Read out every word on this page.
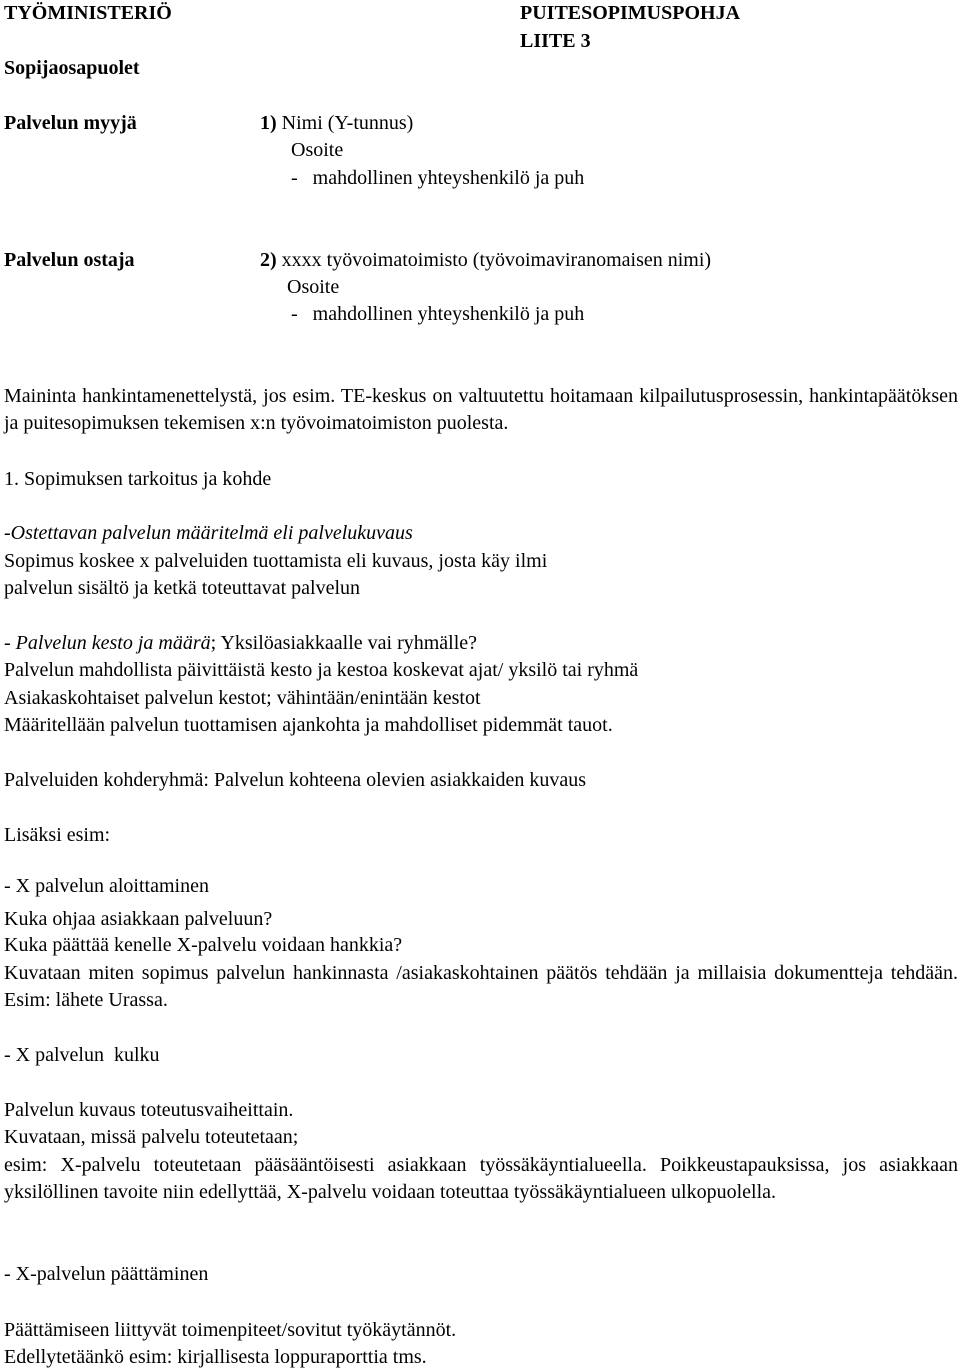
TYÖMINISTERIÖ	PUITESOPIMUSPOHJA
LIITE 3
Sopijaosapuolet
Palvelun myyjä	1) Nimi (Y-tunnus)
Osoite
-   mahdollinen yhteyshenkilö ja puh
Palvelun ostaja	2) xxxx työvoimatoimisto (työvoimaviranomaisen nimi)
Osoite
-   mahdollinen yhteyshenkilö ja puh
Maininta hankintamenettelystä, jos esim. TE-keskus on valtuutettu hoitamaan kilpailutusprosessin, hankintapäätöksen ja puitesopimuksen tekemisen x:n työvoimatoimiston puolesta.
1. Sopimuksen tarkoitus ja kohde
-Ostettavan palvelun määritelmä eli palvelukuvaus
Sopimus koskee x palveluiden tuottamista eli kuvaus, josta käy ilmi
palvelun sisältö ja ketkä toteuttavat palvelun
- Palvelun kesto ja määrä; Yksilöasiakkaalle vai ryhmälle?
Palvelun mahdollista päivittäistä kesto ja kestoa koskevat ajat/ yksilö tai ryhmä
Asiakaskohtaiset palvelun kestot; vähintään/enintään kestot
Määritellään palvelun tuottamisen ajankohta ja mahdolliset pidemmät tauot.
Palveluiden kohderyhmä: Palvelun kohteena olevien asiakkaiden kuvaus
Lisäksi esim:
- X palvelun aloittaminen
Kuka ohjaa asiakkaan palveluun?
Kuka päättää kenelle X-palvelu voidaan hankkia?
Kuvataan miten sopimus palvelun hankinnasta /asiakaskohtainen päätös tehdään ja millaisia dokumentteja tehdään. Esim: lähete Urassa.
- X palvelun  kulku
Palvelun kuvaus toteutusvaiheittain.
Kuvataan, missä palvelu toteutetaan;
esim: X-palvelu toteutetaan pääsääntöisesti asiakkaan työssäkäyntialueella. Poikkeustapauksissa, jos asiakkaan yksilöllinen tavoite niin edellyttää, X-palvelu voidaan toteuttaa työssäkäyntialueen ulkopuolella.
- X-palvelun päättäminen
Päättämiseen liittyvät toimenpiteet/sovitut työkäytännöt.
Edellytetäänkö esim: kirjallisesta loppuraporttia tms.
